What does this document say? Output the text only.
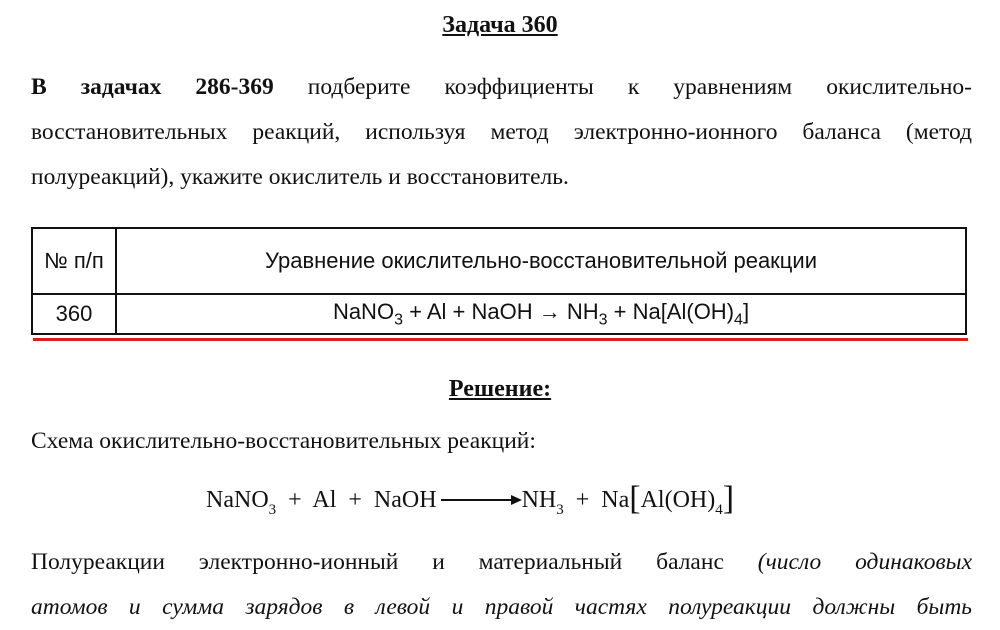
Задача 360
В задачах 286-369 подберите коэффициенты к уравнениям окислительно-
восстановительных реакций, используя метод электронно-ионного баланса (метод
полуреакций), укажите окислитель и восстановитель.
№ п/п	Уравнение окислительно-восстановительной реакции
360	NaNO$_3$ + Al + NaOH → $NH_3 + Na[Al(OH)_4]$
Решение:
Схема окислительно-восстановительных реакций:
NaNO3  +  Al  +  NaOH	NH3  +  Na[Al(OH)4]
Полуреакции электронно-ионный и материальный баланс (число одинаковых
атомов и сумма зарядов в левой и правой частях полуреакции должны быть
